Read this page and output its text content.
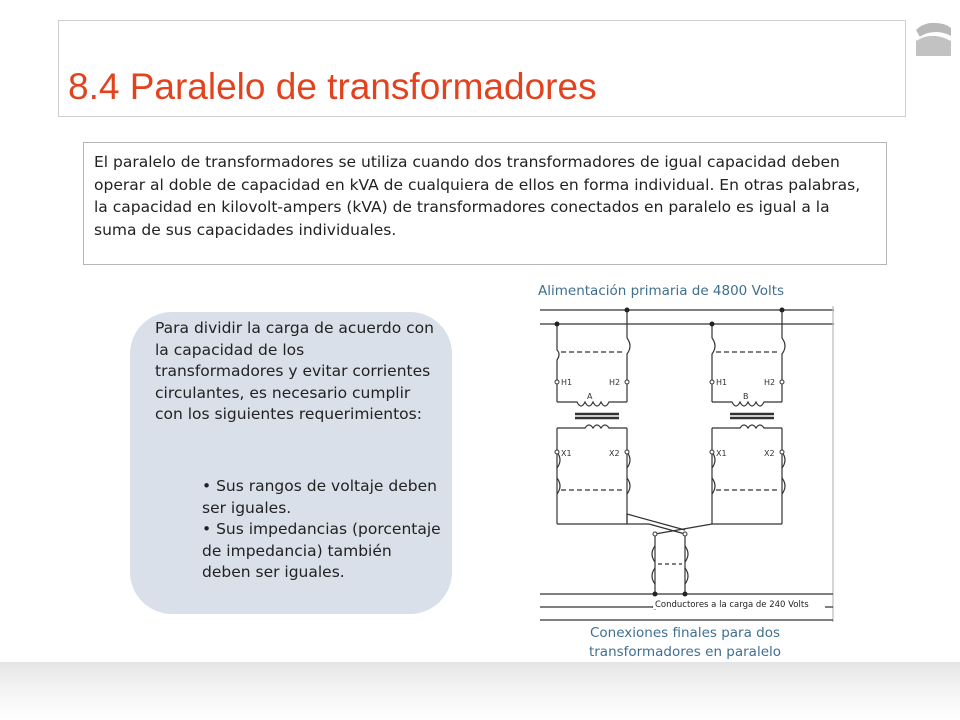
8.4 Paralelo de transformadores
El paralelo de transformadores se utiliza cuando dos transformadores de igual capacidad deben operar al doble de capacidad en kVA de cualquiera de ellos en forma individual. En otras palabras, la capacidad en kilovolt-ampers (kVA) de transformadores conectados en paralelo es igual a la suma de sus capacidades individuales.
Para dividir la carga de acuerdo con la capacidad de los transformadores y evitar corrientes circulantes, es necesario cumplir con los siguientes requerimientos:

• Sus rangos de voltaje deben ser iguales.

• Sus impedancias (porcentaje de impedancia) también deben ser iguales.

Alimentación primaria de 4800 Volts
H1	H2
A
X1	X2
H1	H2
B
X1	X2
Conductores a la carga de 240 Volts
Conexiones finales para dos transformadores en paralelo
